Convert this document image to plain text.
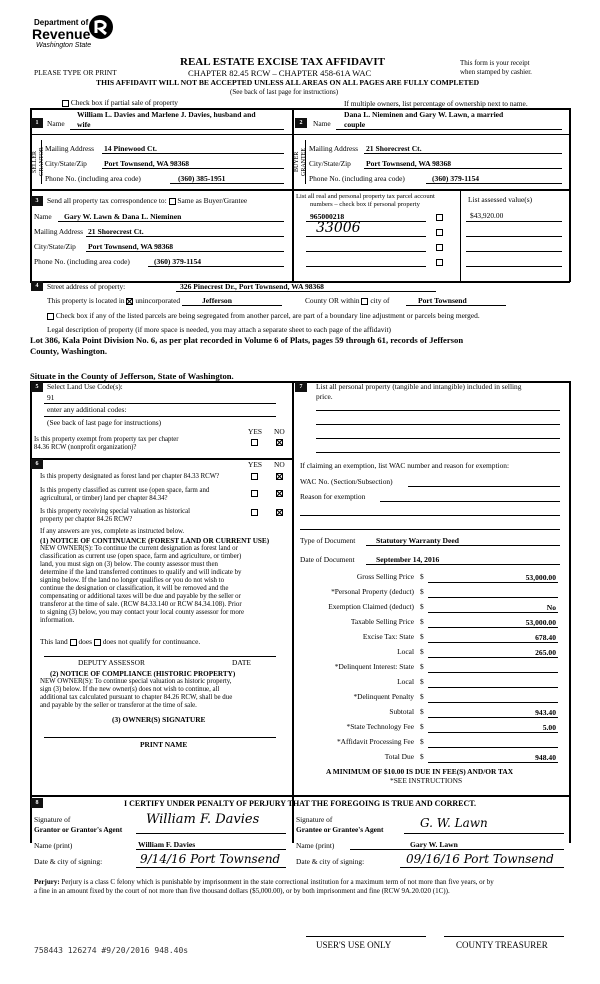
Department of
Revenue
Washington State
REAL ESTATE EXCISE TAX AFFIDAVIT
CHAPTER 82.45 RCW – CHAPTER 458-61A WAC
PLEASE TYPE OR PRINT
This form is your receipt
when stamped by cashier.
THIS AFFIDAVIT WILL NOT BE ACCEPTED UNLESS ALL AREAS ON ALL PAGES ARE FULLY COMPLETED
(See back of last page for instructions)
Check box if partial sale of property	If multiple owners, list percentage of ownership next to name.
1	Name
William L. Davies and Marlene J. Davies, husband and
wife
SELLER GRANTOR Mailing Address 14 Pinewood Ct.
City/State/Zip Port Townsend, WA 98368
Phone No. (including area code)	(360) 385-1951
2	Name
Dana L. Nieminen and Gary W. Lawn, a married
couple
BUYER GRANTEE Mailing Address 21 Shorecrest Ct.
City/State/Zip Port Townsend, WA 98368
Phone No. (including area code)	(360) 379-1154
3	Send all property tax correspondence to: Same as Buyer/Grantee
Name Gary W. Lawn & Dana L. Nieminen
Mailing Address 21 Shorecrest Ct.
City/State/Zip Port Townsend, WA 98368
Phone No. (including area code)	(360) 379-1154
List all real and personal property tax parcel account
numbers – check box if personal property
List assessed value(s)
965000218
33006
$43,920.00
4	Street address of property:	326 Pinecrest Dr., Port Townsend, WA 98368
This property is located in unincorporated	Jefferson	County OR within city of	Port Townsend
Check box if any of the listed parcels are being segregated from another parcel, are part of a boundary line adjustment or parcels being merged.
Legal description of property (if more space is needed, you may attach a separate sheet to each page of the affidavit)
Lot 386, Kala Point Division No. 6, as per plat recorded in Volume 6 of Plats, pages 59 through 61, records of Jefferson
County, Washington.
Situate in the County of Jefferson, State of Washington.
5	Select Land Use Code(s):
91
enter any additional codes:
(See back of last page for instructions)
YES NO
Is this property exempt from property tax per chapter
84.36 RCW (nonprofit organization)?
6	YES NO
Is this property designated as forest land per chapter 84.33 RCW?
Is this property classified as current use (open space, farm and
agricultural, or timber) land per chapter 84.34?
Is this property receiving special valuation as historical
property per chapter 84.26 RCW?
If any answers are yes, complete as instructed below.
(1) NOTICE OF CONTINUANCE (FOREST LAND OR CURRENT USE)
NEW OWNER(S): To continue the current designation as forest land or
classification as current use (open space, farm and agriculture, or timber)
land, you must sign on (3) below. The county assessor must then
determine if the land transferred continues to qualify and will indicate by
signing below. If the land no longer qualifies or you do not wish to
continue the designation or classification, it will be removed and the
compensating or additional taxes will be due and payable by the seller or
transferor at the time of sale. (RCW 84.33.140 or RCW 84.34.108). Prior
to signing (3) below, you may contact your local county assessor for more
information.
This land does does not qualify for continuance.
DEPUTY ASSESSOR	DATE
(2) NOTICE OF COMPLIANCE (HISTORIC PROPERTY)
NEW OWNER(S): To continue special valuation as historic property,
sign (3) below. If the new owner(s) does not wish to continue, all
additional tax calculated pursuant to chapter 84.26 RCW, shall be due
and payable by the seller or transferor at the time of sale.
(3) OWNER(S) SIGNATURE
PRINT NAME
7	List all personal property (tangible and intangible) included in selling
price.
If claiming an exemption, list WAC number and reason for exemption:
WAC No. (Section/Subsection)
Reason for exemption
Type of Document	Statutory Warranty Deed
Date of Document	September 14, 2016
Gross Selling Price $	53,000.00
*Personal Property (deduct) $
Exemption Claimed (deduct) $	No
Taxable Selling Price $	53,000.00
Excise Tax: State $	678.40
Local $	265.00
*Delinquent Interest: State $
Local $
*Delinquent Penalty $
Subtotal $	943.40
*State Technology Fee $	5.00
*Affidavit Processing Fee $
Total Due $	948.40
A MINIMUM OF $10.00 IS DUE IN FEE(S) AND/OR TAX
*SEE INSTRUCTIONS
8	I CERTIFY UNDER PENALTY OF PERJURY THAT THE FOREGOING IS TRUE AND CORRECT.
Signature of
Grantor or Grantor's Agent
William F. Davies
Name (print)	William F. Davies
Date & city of signing:	9/14/16 Port Townsend
Signature of
Grantee or Grantee's Agent	G. W. Lawn
Name (print)	Gary W. Lawn
Date & city of signing:	09/16/16 Port Townsend
Perjury: Perjury is a class C felony which is punishable by imprisonment in the state correctional institution for a maximum term of not more than five years, or by
a fine in an amount fixed by the court of not more than five thousand dollars ($5,000.00), or by both imprisonment and fine (RCW 9A.20.020 (1C)).
758443 126274 #9/20/2016 948.40s
USER'S USE ONLY	COUNTY TREASURER
